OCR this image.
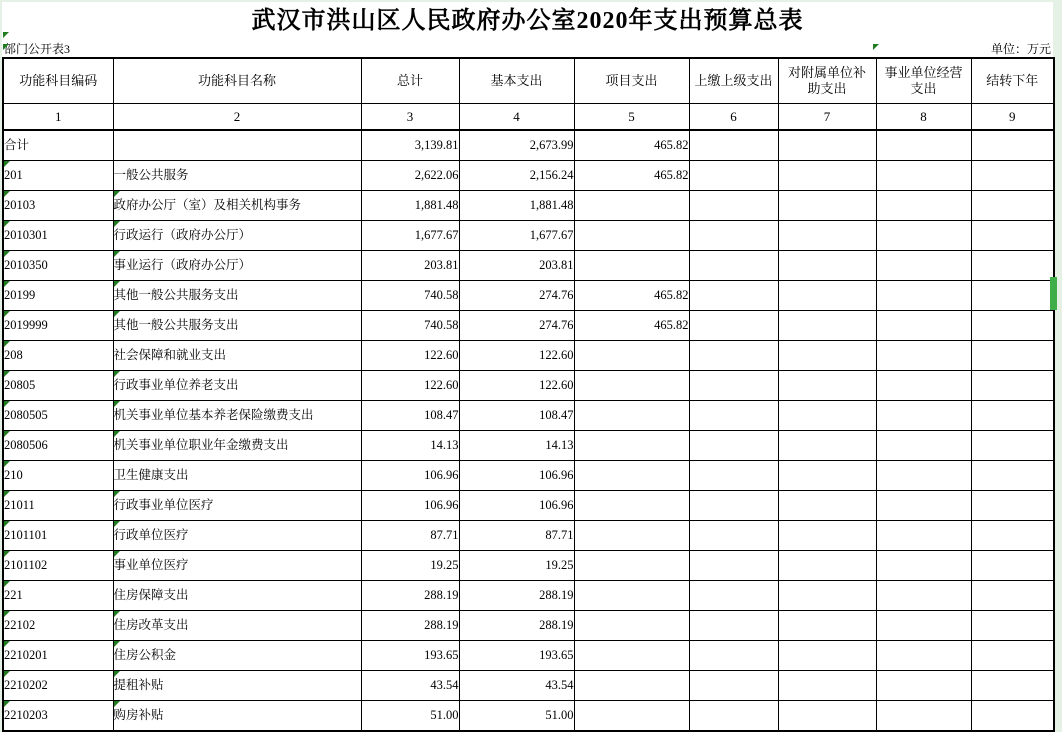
武汉市洪山区人民政府办公室2020年支出预算总表
部门公开表3	单位：万元
功能科目编码	功能科目名称	总计	基本支出	项目支出	上缴上级支出	对附属单位补助支出	事业单位经营支出	结转下年
1	2	3	4	5	6	7	8	9
合计		3,139.81	2,673.99	465.82				
201	一般公共服务	2,622.06	2,156.24	465.82				
20103	政府办公厅（室）及相关机构事务	1,881.48	1,881.48					
2010301	行政运行（政府办公厅）	1,677.67	1,677.67					
2010350	事业运行（政府办公厅）	203.81	203.81					
20199	其他一般公共服务支出	740.58	274.76	465.82				
2019999	其他一般公共服务支出	740.58	274.76	465.82				
208	社会保障和就业支出	122.60	122.60					
20805	行政事业单位养老支出	122.60	122.60					
2080505	机关事业单位基本养老保险缴费支出	108.47	108.47					
2080506	机关事业单位职业年金缴费支出	14.13	14.13					
210	卫生健康支出	106.96	106.96					
21011	行政事业单位医疗	106.96	106.96					
2101101	行政单位医疗	87.71	87.71					
2101102	事业单位医疗	19.25	19.25					
221	住房保障支出	288.19	288.19					
22102	住房改革支出	288.19	288.19					
2210201	住房公积金	193.65	193.65					
2210202	提租补贴	43.54	43.54					
2210203	购房补贴	51.00	51.00					
